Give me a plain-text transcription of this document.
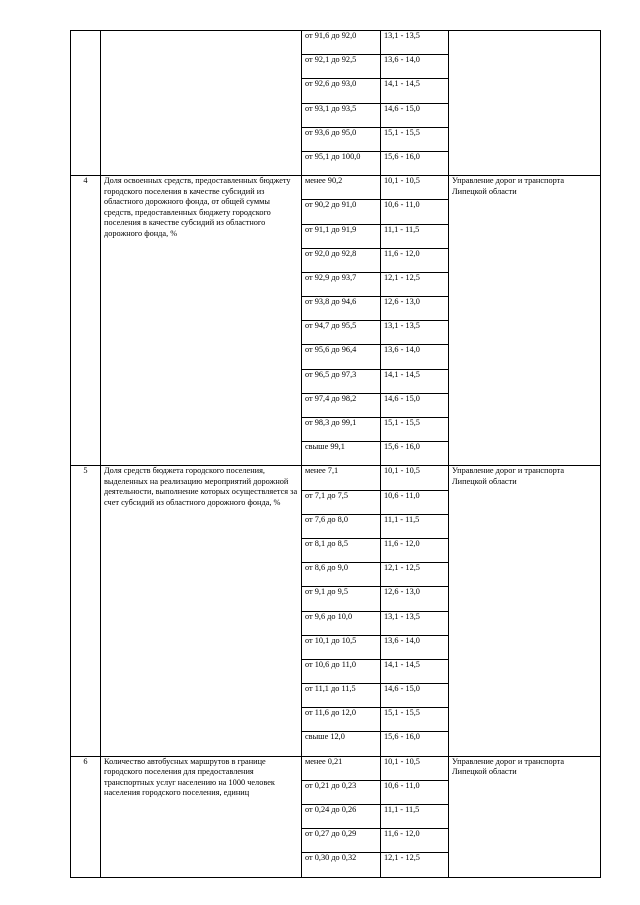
		от 91,6 до 92,0	13,1 - 13,5	
		от 92,1 до 92,5	13,6 - 14,0	
		от 92,6 до 93,0	14,1 - 14,5	
		от 93,1 до 93,5	14,6 - 15,0	
		от 93,6 до 95,0	15,1 - 15,5	
		от 95,1 до 100,0	15,6 - 16,0	
4	Доля освоенных средств, предоставленных бюджету городского поселения в качестве субсидий из областного дорожного фонда, от общей суммы средств, предоставленных бюджету городского поселения в качестве субсидий из областного дорожного фонда, %	менее 90,2	10,1 - 10,5	Управление дорог и транспорта Липецкой области
		от 90,2 до 91,0	10,6 - 11,0	
		от 91,1 до 91,9	11,1 - 11,5	
		от 92,0 до 92,8	11,6 - 12,0	
		от 92,9 до 93,7	12,1 - 12,5	
		от 93,8 до 94,6	12,6 - 13,0	
		от 94,7 до 95,5	13,1 - 13,5	
		от 95,6 до 96,4	13,6 - 14,0	
		от 96,5 до 97,3	14,1 - 14,5	
		от 97,4 до 98,2	14,6 - 15,0	
		от 98,3 до 99,1	15,1 - 15,5	
		свыше 99,1	15,6 - 16,0	
5	Доля средств бюджета городского поселения, выделенных на реализацию мероприятий дорожной деятельности, выполнение которых осуществляется за счет субсидий из областного дорожного фонда, %	менее 7,1	10,1 - 10,5	Управление дорог и транспорта Липецкой области
		от 7,1 до 7,5	10,6 - 11,0	
		от 7,6 до 8,0	11,1 - 11,5	
		от 8,1 до 8,5	11,6 - 12,0	
		от 8,6 до 9,0	12,1 - 12,5	
		от 9,1 до 9,5	12,6 - 13,0	
		от 9,6 до 10,0	13,1 - 13,5	
		от 10,1 до 10,5	13,6 - 14,0	
		от 10,6 до 11,0	14,1 - 14,5	
		от 11,1 до 11,5	14,6 - 15,0	
		от 11,6 до 12,0	15,1 - 15,5	
		свыше 12,0	15,6 - 16,0	
6	Количество автобусных маршрутов в границе городского поселения для предоставления транспортных услуг населению на 1000 человек населения городского поселения, единиц	менее 0,21	10,1 - 10,5	Управление дорог и транспорта Липецкой области
		от 0,21 до 0,23	10,6 - 11,0	
		от 0,24 до 0,26	11,1 - 11,5	
		от 0,27 до 0,29	11,6 - 12,0	
		от 0,30 до 0,32	12,1 - 12,5	
